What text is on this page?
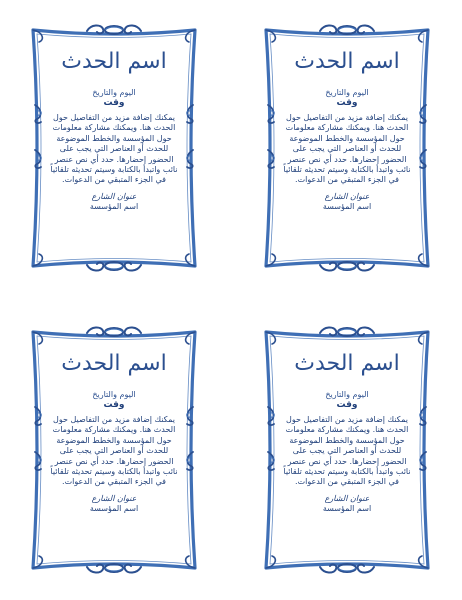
اسم الحدث
اليوم والتاريخ
وقت
يمكنك إضافة مزيد من التفاصيل حول الحدث هنا. ويمكنك مشاركة معلومات حول المؤسسة والخطط الموضوعة للحدث أو العناصر التي يجب على الحضور إحضارها. حدد أي نص عنصر نائب واتبدأ بالكتابة وسيتم تحديثه تلقائياً في الجزء المتبقي من الدعوات.
عنوان الشارع
اسم المؤسسة
اسم الحدث
اليوم والتاريخ
وقت
يمكنك إضافة مزيد من التفاصيل حول الحدث هنا. ويمكنك مشاركة معلومات حول المؤسسة والخطط الموضوعة للحدث أو العناصر التي يجب على الحضور إحضارها. حدد أي نص عنصر نائب واتبدأ بالكتابة وسيتم تحديثه تلقائياً في الجزء المتبقي من الدعوات.
عنوان الشارع
اسم المؤسسة
اسم الحدث
اليوم والتاريخ
وقت
يمكنك إضافة مزيد من التفاصيل حول الحدث هنا. ويمكنك مشاركة معلومات حول المؤسسة والخطط الموضوعة للحدث أو العناصر التي يجب على الحضور إحضارها. حدد أي نص عنصر نائب واتبدأ بالكتابة وسيتم تحديثه تلقائياً في الجزء المتبقي من الدعوات.
عنوان الشارع
اسم المؤسسة
اسم الحدث
اليوم والتاريخ
وقت
يمكنك إضافة مزيد من التفاصيل حول الحدث هنا. ويمكنك مشاركة معلومات حول المؤسسة والخطط الموضوعة للحدث أو العناصر التي يجب على الحضور إحضارها. حدد أي نص عنصر نائب واتبدأ بالكتابة وسيتم تحديثه تلقائياً في الجزء المتبقي من الدعوات.
عنوان الشارع
اسم المؤسسة
